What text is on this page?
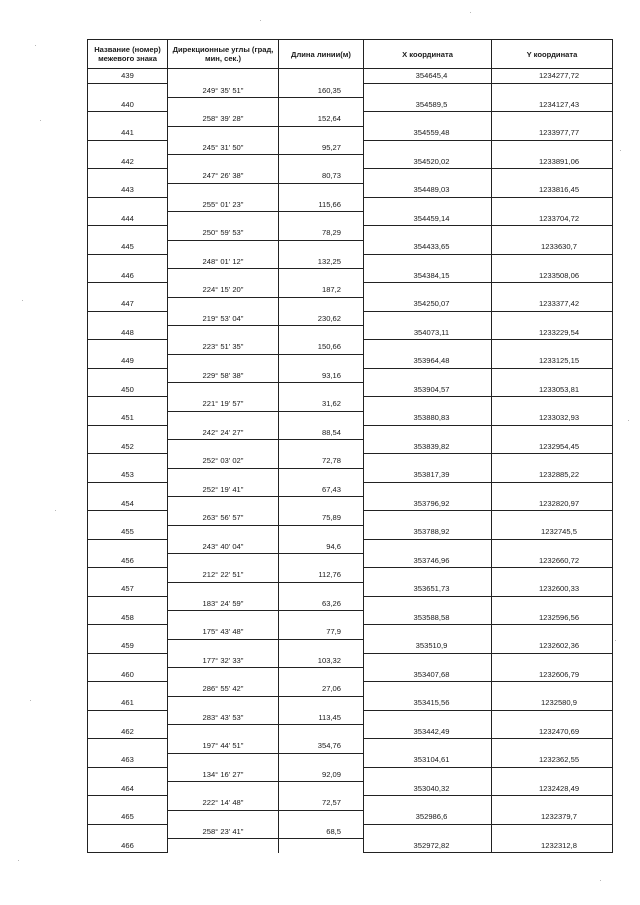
Название (номер) межевого знака	Дирекционные углы (град, мин, сек.)	Длина линии(м)	X координата	Y координата
439			354645,4	1234277,72
	249° 35' 51"	160,35		
440			354589,5	1234127,43
	258° 39' 28"	152,64		
441			354559,48	1233977,77
	245° 31' 50"	95,27		
442			354520,02	1233891,06
	247° 26' 38"	80,73		
443			354489,03	1233816,45
	255° 01' 23"	115,66		
444			354459,14	1233704,72
	250° 59' 53"	78,29		
445			354433,65	1233630,7
	248° 01' 12"	132,25		
446			354384,15	1233508,06
	224° 15' 20"	187,2		
447			354250,07	1233377,42
	219° 53' 04"	230,62		
448			354073,11	1233229,54
	223° 51' 35"	150,66		
449			353964,48	1233125,15
	229° 58' 38"	93,16		
450			353904,57	1233053,81
	221° 19' 57"	31,62		
451			353880,83	1233032,93
	242° 24' 27"	88,54		
452			353839,82	1232954,45
	252° 03' 02"	72,78		
453			353817,39	1232885,22
	252° 19' 41"	67,43		
454			353796,92	1232820,97
	263° 56' 57"	75,89		
455			353788,92	1232745,5
	243° 40' 04"	94,6		
456			353746,96	1232660,72
	212° 22' 51"	112,76		
457			353651,73	1232600,33
	183° 24' 59"	63,26		
458			353588,58	1232596,56
	175° 43' 48"	77,9		
459			353510,9	1232602,36
	177° 32' 33"	103,32		
460			353407,68	1232606,79
	286° 55' 42"	27,06		
461			353415,56	1232580,9
	283° 43' 53"	113,45		
462			353442,49	1232470,69
	197° 44' 51"	354,76		
463			353104,61	1232362,55
	134° 16' 27"	92,09		
464			353040,32	1232428,49
	222° 14' 48"	72,57		
465			352986,6	1232379,7
	258° 23' 41"	68,5		
466			352972,82	1232312,8
